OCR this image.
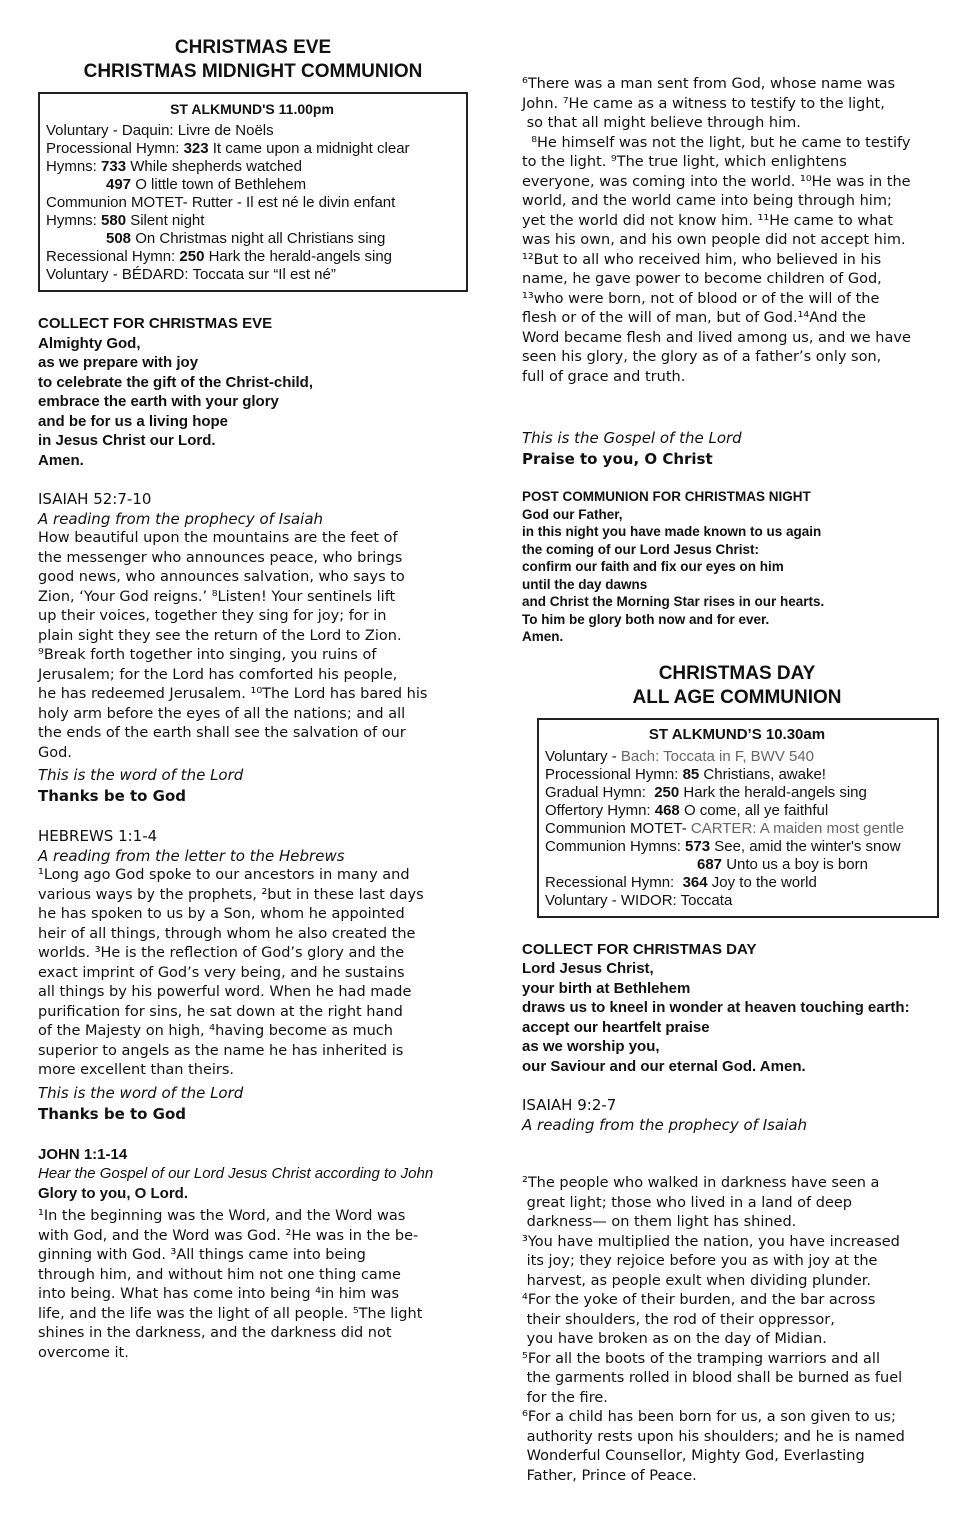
CHRISTMAS EVE
CHRISTMAS MIDNIGHT COMMUNION
ST ALKMUND'S 11.00pm
Voluntary - Daquin: Livre de Noëls
Processional Hymn: 323 It came upon a midnight clear
Hymns: 733 While shepherds watched
497 O little town of Bethlehem
Communion MOTET- Rutter - Il est né le divin enfant
Hymns: 580 Silent night
508 On Christmas night all Christians sing
Recessional Hymn: 250 Hark the herald-angels sing
Voluntary - BÉDARD: Toccata sur “Il est né”
COLLECT FOR CHRISTMAS EVE
Almighty God,
as we prepare with joy
to celebrate the gift of the Christ-child,
embrace the earth with your glory
and be for us a living hope
in Jesus Christ our Lord.
Amen.
ISAIAH 52:7-10
A reading from the prophecy of Isaiah

How beautiful upon the mountains are the feet of

the messenger who announces peace, who brings

good news, who announces salvation, who says to

Zion, ‘Your God reigns.’ ⁸Listen! Your sentinels lift

up their voices, together they sing for joy; for in

plain sight they see the return of the Lord to Zion.

⁹Break forth together into singing, you ruins of

Jerusalem; for the Lord has comforted his people,

he has redeemed Jerusalem. ¹⁰The Lord has bared his

holy arm before the eyes of all the nations; and all

the ends of the earth shall see the salvation of our

God.

This is the word of the Lord
Thanks be to God
HEBREWS 1:1-4
A reading from the letter to the Hebrews

¹Long ago God spoke to our ancestors in many and

various ways by the prophets, ²but in these last days

he has spoken to us by a Son, whom he appointed

heir of all things, through whom he also created the

worlds. ³He is the reflection of God’s glory and the

exact imprint of God’s very being, and he sustains

all things by his powerful word. When he had made

purification for sins, he sat down at the right hand

of the Majesty on high, ⁴having become as much

superior to angels as the name he has inherited is

more excellent than theirs.

This is the word of the Lord
Thanks be to God
JOHN 1:1-14
Hear the Gospel of our Lord Jesus Christ according to John
Glory to you, O Lord.

¹In the beginning was the Word, and the Word was

with God, and the Word was God. ²He was in the be-

ginning with God. ³All things came into being

through him, and without him not one thing came

into being. What has come into being ⁴in him was

life, and the life was the light of all people. ⁵The light

shines in the darkness, and the darkness did not

overcome it.

⁶There was a man sent from God, whose name was

John. ⁷He came as a witness to testify to the light,

so that all might believe through him.

⁸He himself was not the light, but he came to testify

to the light. ⁹The true light, which enlightens

everyone, was coming into the world. ¹⁰He was in the

world, and the world came into being through him;

yet the world did not know him. ¹¹He came to what

was his own, and his own people did not accept him.

¹²But to all who received him, who believed in his

name, he gave power to become children of God,

¹³who were born, not of blood or of the will of the

flesh or of the will of man, but of God.¹⁴And the

Word became flesh and lived among us, and we have

seen his glory, the glory as of a father’s only son,

full of grace and truth.

This is the Gospel of the Lord
Praise to you, O Christ
POST COMMUNION FOR CHRISTMAS NIGHT
God our Father,
in this night you have made known to us again
the coming of our Lord Jesus Christ:
confirm our faith and fix our eyes on him
until the day dawns
and Christ the Morning Star rises in our hearts.
To him be glory both now and for ever.
Amen.
CHRISTMAS DAY
ALL AGE COMMUNION
ST ALKMUND’S 10.30am
Voluntary - Bach: Toccata in F, BWV 540
Processional Hymn: 85 Christians, awake!
Gradual Hymn:  250 Hark the herald-angels sing
Offertory Hymn: 468 O come, all ye faithful
Communion MOTET- CARTER: A maiden most gentle
Communion Hymns: 573 See, amid the winter's snow
687 Unto us a boy is born
Recessional Hymn:  364 Joy to the world
Voluntary - WIDOR: Toccata
COLLECT FOR CHRISTMAS DAY
Lord Jesus Christ,
your birth at Bethlehem
draws us to kneel in wonder at heaven touching earth:
accept our heartfelt praise
as we worship you,
our Saviour and our eternal God. Amen.
ISAIAH 9:2-7
A reading from the prophecy of Isaiah

²The people who walked in darkness have seen a

great light; those who lived in a land of deep

darkness— on them light has shined.

³You have multiplied the nation, you have increased

its joy; they rejoice before you as with joy at the

harvest, as people exult when dividing plunder.

⁴For the yoke of their burden, and the bar across

their shoulders, the rod of their oppressor,

you have broken as on the day of Midian.

⁵For all the boots of the tramping warriors and all

the garments rolled in blood shall be burned as fuel

for the fire.

⁶For a child has been born for us, a son given to us;

authority rests upon his shoulders; and he is named

Wonderful Counsellor, Mighty God, Everlasting

Father, Prince of Peace.
